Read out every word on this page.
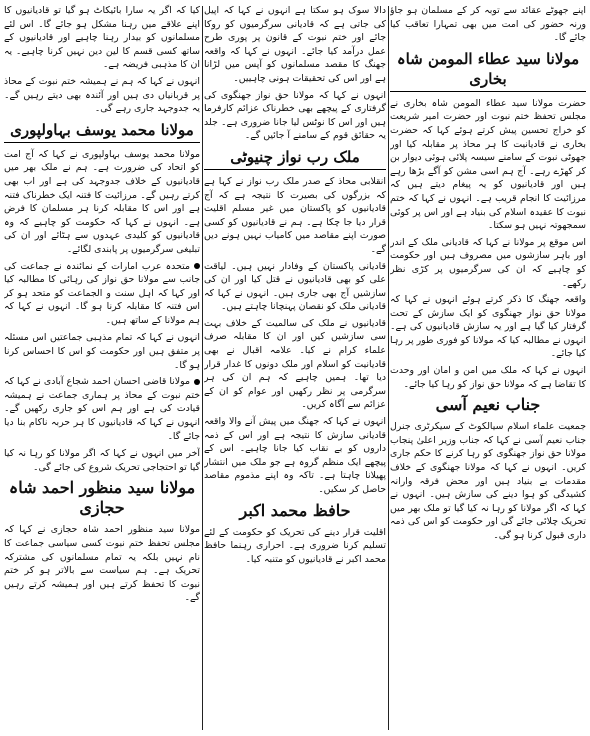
اپنے جھوٹے عقائد سے توبہ کر کے مسلمان ہو جاؤ ورنہ حضور کی امت میں بھی تمہارا تعاقب کیا جائے گا۔
مولانا سید عطاء المومن شاہ بخاری
حضرت مولانا سید عطاء المومن شاہ بخاری نے مجلس تحفظ ختم نبوت اور حضرت امیر شریعت کو خراج تحسین پیش کرتے ہوئے کہا کہ حضرت بخاری نے قادیانیت کا ہر محاذ پر مقابلہ کیا اور جھوٹی نبوت کے سامنے سیسہ پلائی ہوئی دیوار بن کر کھڑے رہے۔ آج ہم اسی مشن کو آگے بڑھا رہے ہیں اور قادیانیوں کو یہ پیغام دیتے ہیں کہ مرزائیت کا انجام قریب ہے۔ انہوں نے کہا کہ ختم نبوت کا عقیدہ اسلام کی بنیاد ہے اور اس پر کوئی سمجھوتہ نہیں ہو سکتا۔
اس موقع پر مولانا نے کہا کہ قادیانی ملک کے اندر اور باہر سازشوں میں مصروف ہیں اور حکومت کو چاہیے کہ ان کی سرگرمیوں پر کڑی نظر رکھے۔
واقعہ جھنگ کا ذکر کرتے ہوئے انہوں نے کہا کہ مولانا حق نواز جھنگوی کو ایک سازش کے تحت گرفتار کیا گیا ہے اور یہ سازش قادیانیوں کی ہے۔ انہوں نے مطالبہ کیا کہ مولانا کو فوری طور پر رہا کیا جائے۔
انہوں نے کہا کہ ملک میں امن و امان اور وحدت کا تقاضا ہے کہ مولانا حق نواز کو رہا کیا جائے۔
جناب نعیم آسی
جمعیت علماء اسلام سیالکوٹ کے سیکرٹری جنرل جناب نعیم آسی نے کہا کہ جناب وزیر اعلیٰ پنجاب مولانا حق نواز جھنگوی کو رہا کرنے کا حکم جاری کریں۔ انہوں نے کہا کہ مولانا جھنگوی کے خلاف مقدمات بے بنیاد ہیں اور محض فرقہ وارانہ کشیدگی کو ہوا دینے کی سازش ہیں۔ انہوں نے کہا کہ اگر مولانا کو رہا نہ کیا گیا تو ملک بھر میں تحریک چلائی جائے گی اور حکومت کو اس کی ذمہ داری قبول کرنا ہو گی۔
دالا سوک ہو سکتا ہے انہوں نے کہا کہ اپیل کی جاتی ہے کہ قادیانی سرگرمیوں کو روکا جائے اور ختم نبوت کے قانون پر پوری طرح عمل درآمد کیا جائے۔ انہوں نے کہا کہ واقعہ جھنگ کا مقصد مسلمانوں کو آپس میں لڑانا ہے اور اس کی تحقیقات ہونی چاہییں۔
انہوں نے کہا کہ مولانا حق نواز جھنگوی کی گرفتاری کے پیچھے بھی خطرناک عزائم کارفرما ہیں اور اس کا نوٹس لیا جانا ضروری ہے۔ جلد یہ حقائق قوم کے سامنے آ جائیں گے۔
ملک رب نواز چنیوٹی
انقلابی محاذ کے صدر ملک رب نواز نے کہا ہے کہ بزرگوں کی بصیرت کا نتیجہ ہے کہ آج قادیانیوں کو پاکستان میں غیر مسلم اقلیت قرار دیا جا چکا ہے۔ ہم نے قادیانیوں کو کسی صورت اپنے مقاصد میں کامیاب نہیں ہونے دیں گے۔
قادیانی پاکستان کے وفادار نہیں ہیں۔ لیاقت علی کو بھی قادیانیوں نے قتل کیا اور ان کی سازشیں آج بھی جاری ہیں۔ انہوں نے کہا کہ قادیانی ملک کو نقصان پہنچانا چاہتے ہیں۔
قادیانیوں نے ملک کی سالمیت کے خلاف بہت سی سازشیں کیں اور ان کا مقابلہ صرف علماء کرام نے کیا۔ علامہ اقبال نے بھی قادیانیت کو اسلام اور ملک دونوں کا غدار قرار دیا تھا۔ ہمیں چاہیے کہ ہم ان کی ہر سرگرمی پر نظر رکھیں اور عوام کو ان کے عزائم سے آگاہ کریں۔
انہوں نے کہا کہ جھنگ میں پیش آنے والا واقعہ قادیانی سازش کا نتیجہ ہے اور اس کے ذمہ داروں کو بے نقاب کیا جانا چاہیے۔ اس کے پیچھے ایک منظم گروہ ہے جو ملک میں انتشار پھیلانا چاہتا ہے۔ تاکہ وہ اپنے مذموم مقاصد حاصل کر سکیں۔
حافظ محمد اکبر
اقلیت قرار دینے کی تحریک کو حکومت کے لئے تسلیم کرنا ضروری ہے۔ احراری رہنما حافظ محمد اکبر نے قادیانیوں کو متنبہ کیا۔
کیا کہ اگر یہ سارا بائیکاٹ ہو گیا تو قادیانیوں کا اپنے علاقے میں رہنا مشکل ہو جائے گا۔ اس لئے مسلمانوں کو بیدار رہنا چاہیے اور قادیانیوں کے ساتھ کسی قسم کا لین دین نہیں کرنا چاہیے۔ یہ ان کا مذہبی فریضہ ہے۔
انہوں نے کہا کہ ہم نے ہمیشہ ختم نبوت کے محاذ پر قربانیاں دی ہیں اور آئندہ بھی دیتے رہیں گے۔ یہ جدوجہد جاری رہے گی۔
مولانا محمد یوسف بہاولپوری
مولانا محمد یوسف بہاولپوری نے کہا کہ آج امت کو اتحاد کی ضرورت ہے۔ ہم نے ملک بھر میں قادیانیوں کے خلاف جدوجہد کی ہے اور اب بھی کرتے رہیں گے۔ مرزائیت کا فتنہ ایک خطرناک فتنہ ہے اور اس کا مقابلہ کرنا ہر مسلمان کا فرض ہے۔ انہوں نے کہا کہ حکومت کو چاہیے کہ وہ قادیانیوں کو کلیدی عہدوں سے ہٹائے اور ان کی تبلیغی سرگرمیوں پر پابندی لگائے۔
متحدہ عرب امارات کے نمائندہ نے جماعت کی جانب سے مولانا حق نواز کی رہائی کا مطالبہ کیا اور کہا کہ اہل سنت و الجماعت کو متحد ہو کر اس فتنہ کا مقابلہ کرنا ہو گا۔ انہوں نے کہا کہ ہم مولانا کے ساتھ ہیں۔
انہوں نے کہا کہ تمام مذہبی جماعتیں اس مسئلہ پر متفق ہیں اور حکومت کو اس کا احساس کرنا ہو گا۔
مولانا قاضی احسان احمد شجاع آبادی نے کہا کہ ختم نبوت کے محاذ پر ہماری جماعت نے ہمیشہ قیادت کی ہے اور ہم اس کو جاری رکھیں گے۔ انہوں نے کہا کہ قادیانیوں کا ہر حربہ ناکام بنا دیا جائے گا۔
آخر میں انہوں نے کہا کہ اگر مولانا کو رہا نہ کیا گیا تو احتجاجی تحریک شروع کی جائے گی۔
مولانا سید منظور احمد شاہ حجازی
مولانا سید منظور احمد شاہ حجازی نے کہا کہ مجلس تحفظ ختم نبوت کسی سیاسی جماعت کا نام نہیں بلکہ یہ تمام مسلمانوں کی مشترکہ تحریک ہے۔ ہم سیاست سے بالاتر ہو کر ختم نبوت کا تحفظ کرتے ہیں اور ہمیشہ کرتے رہیں گے۔
